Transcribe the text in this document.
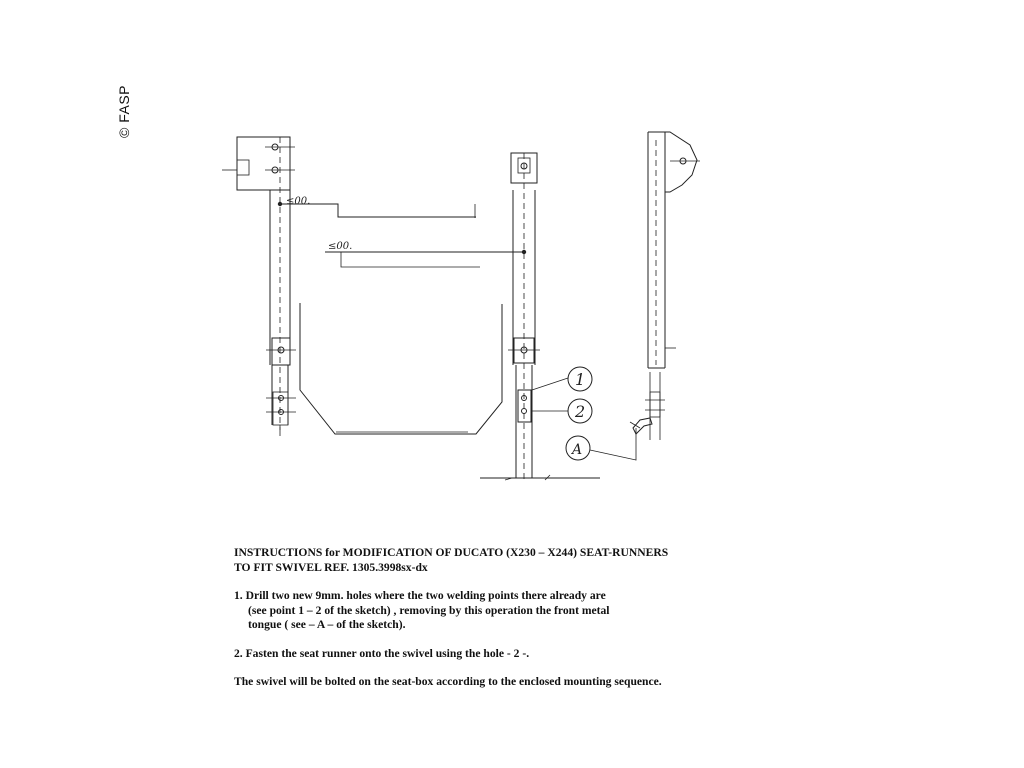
© FASP
≤00.
≤00.
1
2
A

INSTRUCTIONS for MODIFICATION OF DUCATO (X230 – X244) SEAT-RUNNERS

TO FIT SWIVEL REF. 1305.3998sx-dx

1. Drill two new 9mm. holes where the two welding points there already are

(see point 1 – 2 of the sketch) , removing by this operation the front metal

tongue ( see – A – of the sketch).

2. Fasten the seat runner onto the swivel using the hole - 2 -.

The swivel will be bolted on the seat-box according to the enclosed mounting sequence.
